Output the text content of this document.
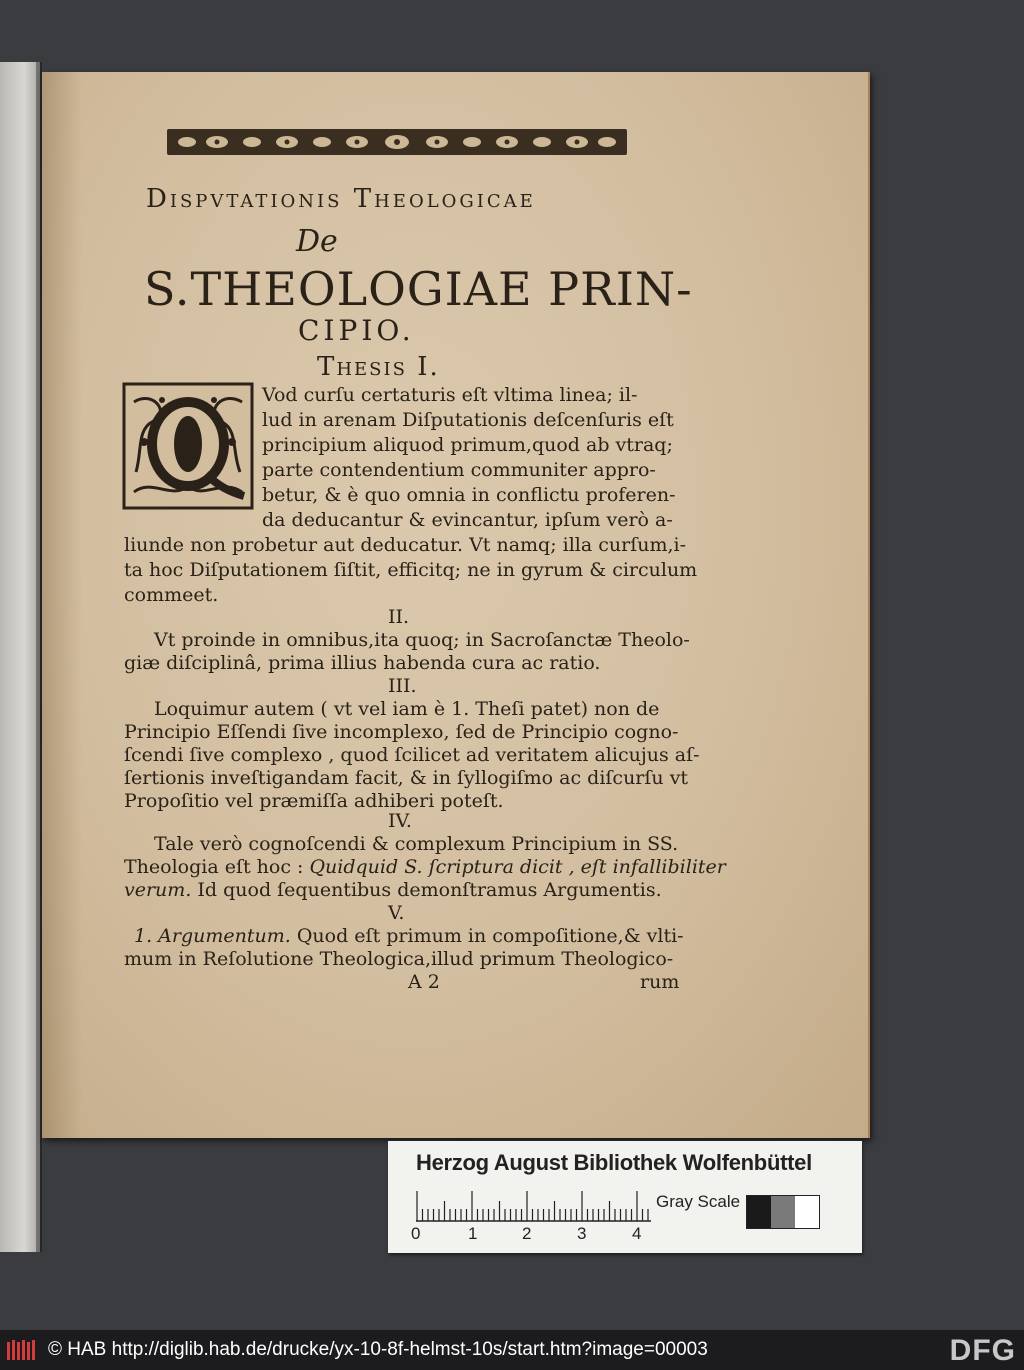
Dispvtationis Theologicae
De
S.THEOLOGIAE PRIN-
CIPIO.
Thesis I.
Vod curſu certaturis eſt vltima linea; il-
lud in arenam Diſputationis deſcenſuris eſt
principium aliquod primum,quod ab vtraq;
parte contendentium communiter appro-
betur, & è quo omnia in conflictu proferen-
da deducantur & evincantur, ipſum verò a-
liunde non probetur aut deducatur. Vt namq; illa curſum,i-
ta hoc Diſputationem ſiſtit, efficitq; ne in gyrum & circulum
commeet.
II.
Vt proinde in omnibus,ita quoq; in Sacroſanctæ Theolo-
giæ diſciplinâ, prima illius habenda cura ac ratio.
III.
Loquimur autem ( vt vel iam è 1. Theſi patet) non de
Principio Eſſendi ſive incomplexo, ſed de Principio cogno-
ſcendi ſive complexo , quod ſcilicet ad veritatem alicujus aſ-
ſertionis inveſtigandam facit, & in ſyllogiſmo ac diſcurſu vt
Propoſitio vel præmiſſa adhiberi poteſt.
IV.
Tale verò cognoſcendi & complexum Principium in SS.
Theologia eſt hoc : Quidquid S. ſcriptura dicit , eſt infallibiliter
verum. Id quod ſequentibus demonſtramus Argumentis.
V.
1. Argumentum. Quod eſt primum in compoſitione,& vlti-
mum in Reſolutione Theologica,illud primum Theologico-
A 2	rum
Herzog August Bibliothek Wolfenbüttel
Gray Scale
0	1	2	3	4
© HAB http://diglib.hab.de/drucke/yx-10-8f-helmst-10s/start.htm?image=00003	DFG
